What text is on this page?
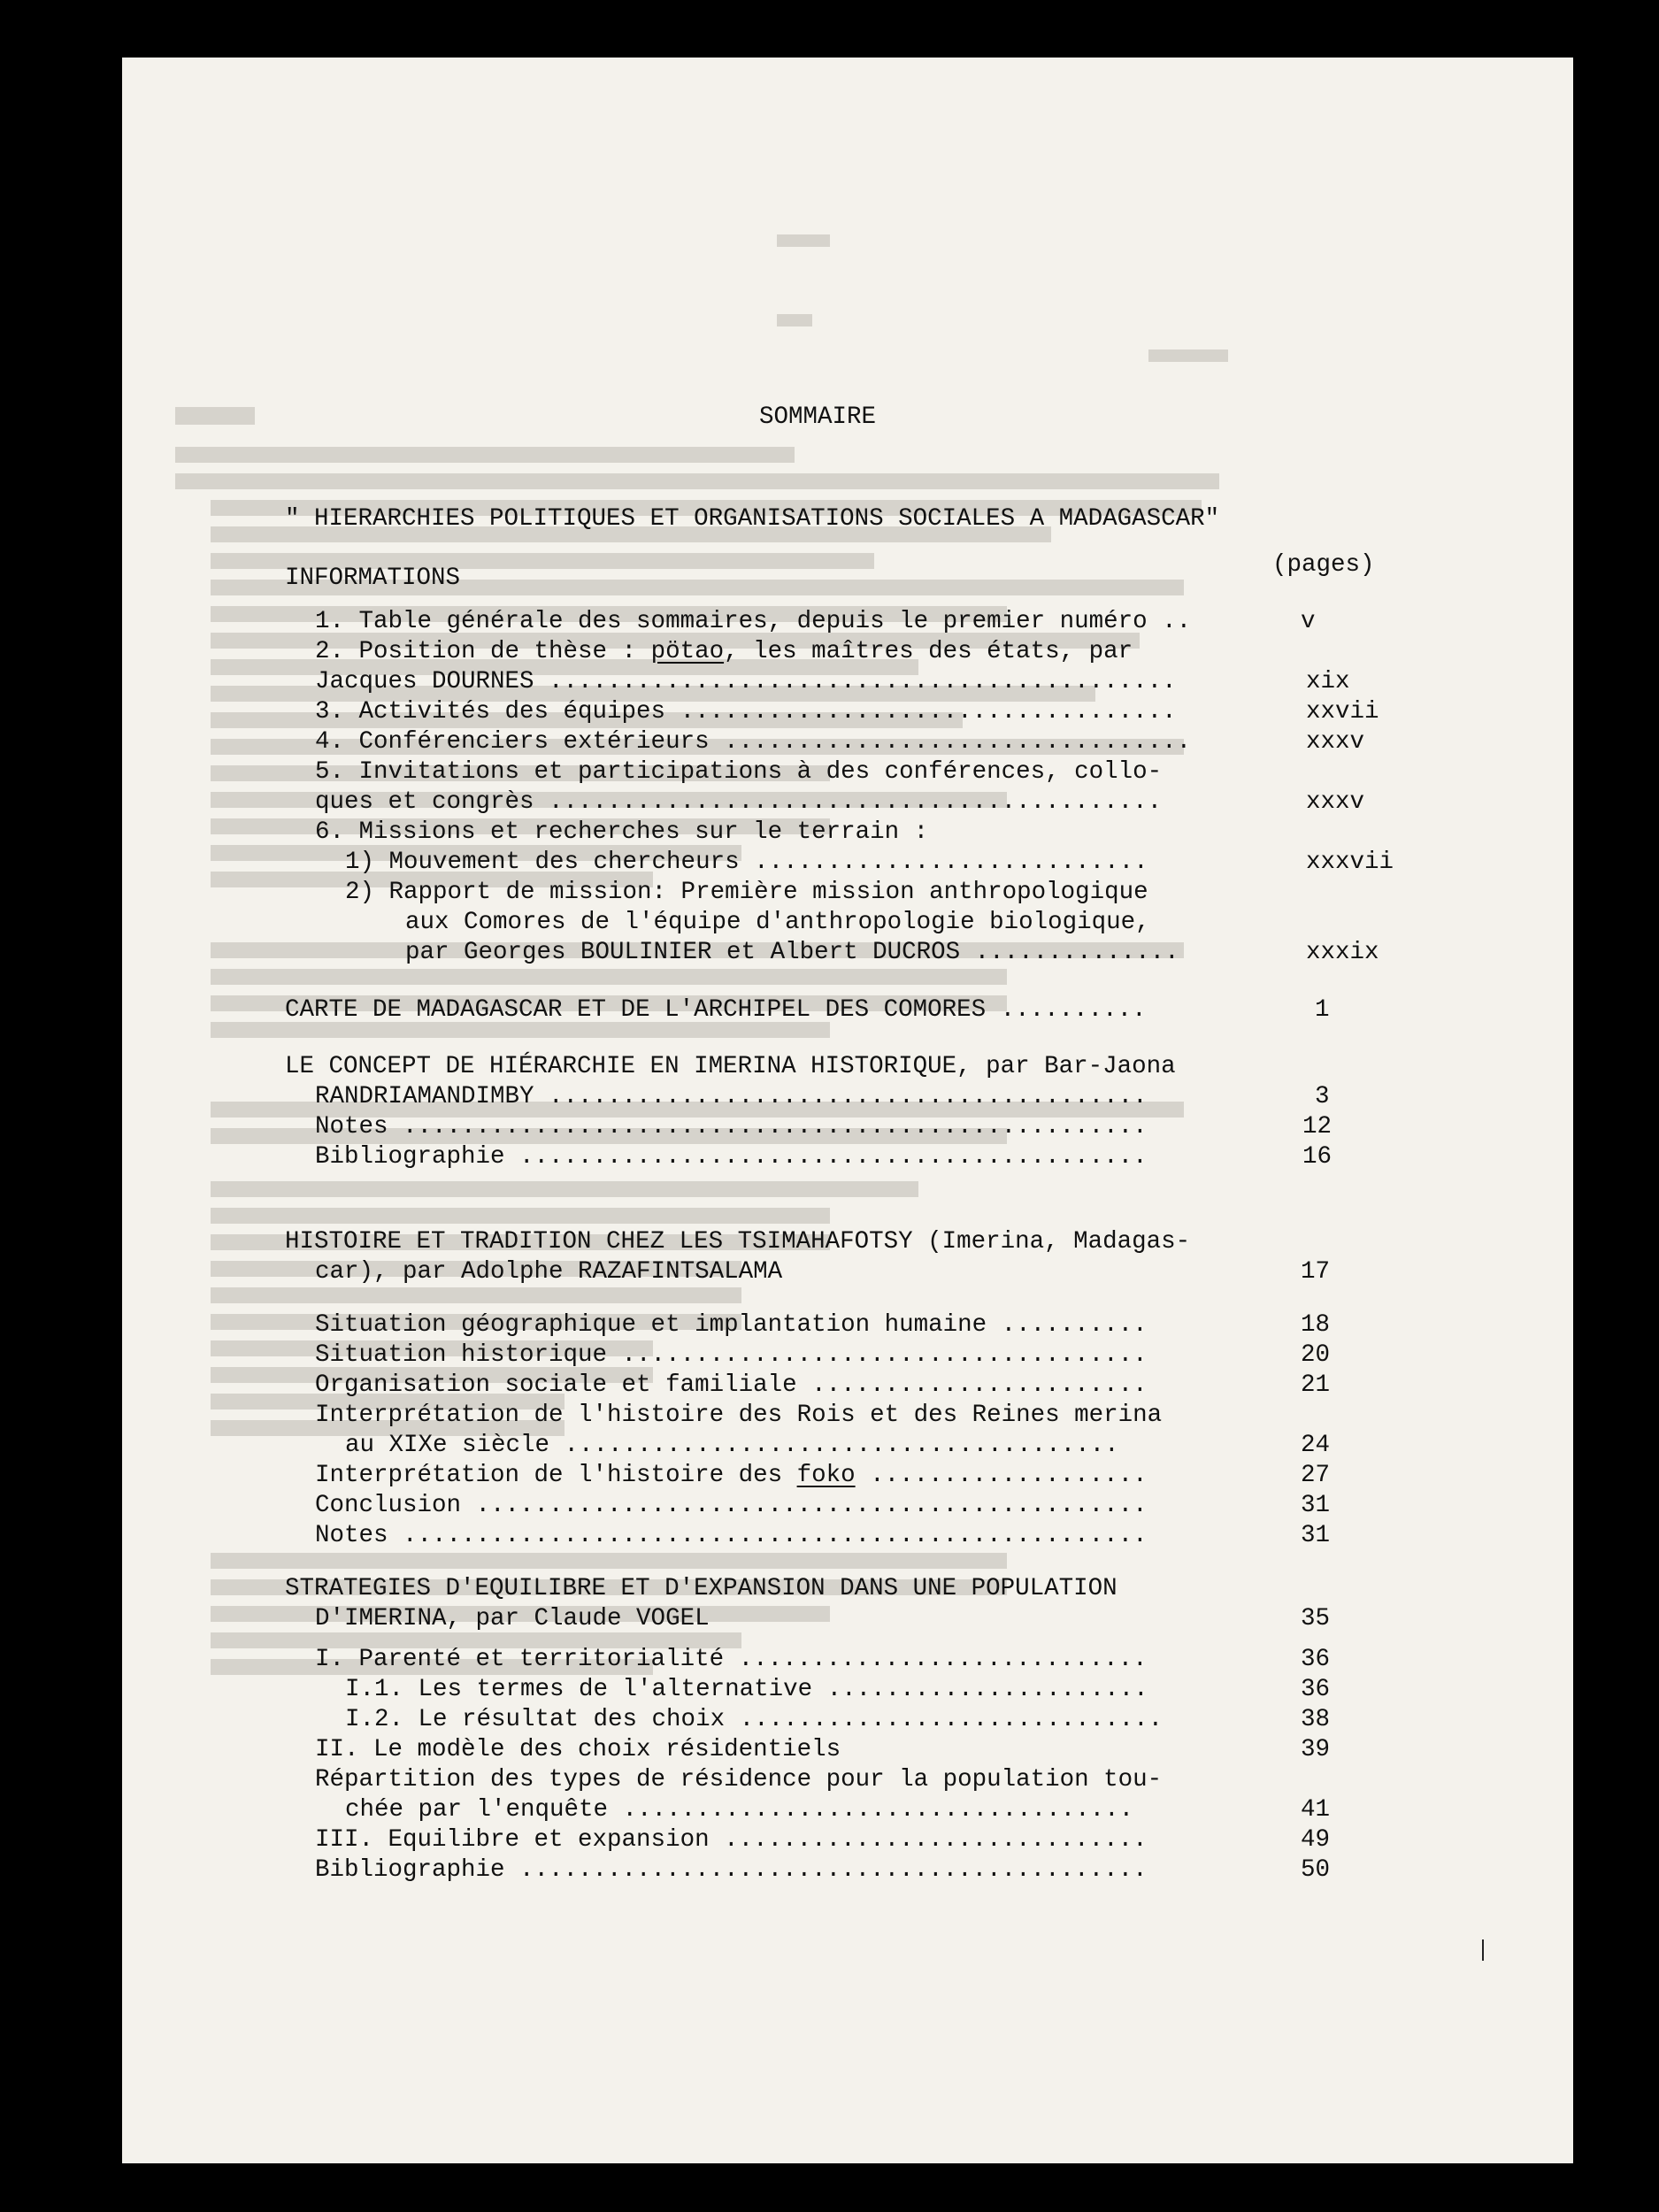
SOMMAIRE
" HIERARCHIES POLITIQUES ET ORGANISATIONS SOCIALES A MADAGASCAR"
(pages)
INFORMATIONS
1. Table générale des sommaires, depuis le premier numéro ..	v
2. Position de thèse : pötao, les maîtres des états, par
Jacques DOURNES ...........................................	xix
3. Activités des équipes ..................................	xxvii
4. Conférenciers extérieurs ................................	xxxv
5. Invitations et participations à des conférences, collo-
ques et congrès ..........................................	xxxv
6. Missions et recherches sur le terrain :
1) Mouvement des chercheurs ...........................	xxxvii
2) Rapport de mission: Première mission anthropologique
aux Comores de l'équipe d'anthropologie biologique,
par Georges BOULINIER et Albert DUCROS ..............	xxxix
CARTE DE MADAGASCAR ET DE L'ARCHIPEL DES COMORES ..........	1
LE CONCEPT DE HIÉRARCHIE EN IMERINA HISTORIQUE, par Bar-Jaona
RANDRIAMANDIMBY .........................................	3
Notes ...................................................	12
Bibliographie ...........................................	16
HISTOIRE ET TRADITION CHEZ LES TSIMAHAFOTSY (Imerina, Madagas-
car), par Adolphe RAZAFINTSALAMA	17
Situation géographique et implantation humaine ..........	18
Situation historique ....................................	20
Organisation sociale et familiale .......................	21
Interprétation de l'histoire des Rois et des Reines merina
au XIXe siècle ......................................	24
Interprétation de l'histoire des foko ...................	27
Conclusion ..............................................	31
Notes ...................................................	31
STRATEGIES D'EQUILIBRE ET D'EXPANSION DANS UNE POPULATION
D'IMERINA, par Claude VOGEL	35
I. Parenté et territorialité ............................	36
I.1. Les termes de l'alternative ......................	36
I.2. Le résultat des choix .............................	38
II. Le modèle des choix résidentiels	39
Répartition des types de résidence pour la population tou-
chée par l'enquête ...................................	41
III. Equilibre et expansion .............................	49
Bibliographie ...........................................	50
